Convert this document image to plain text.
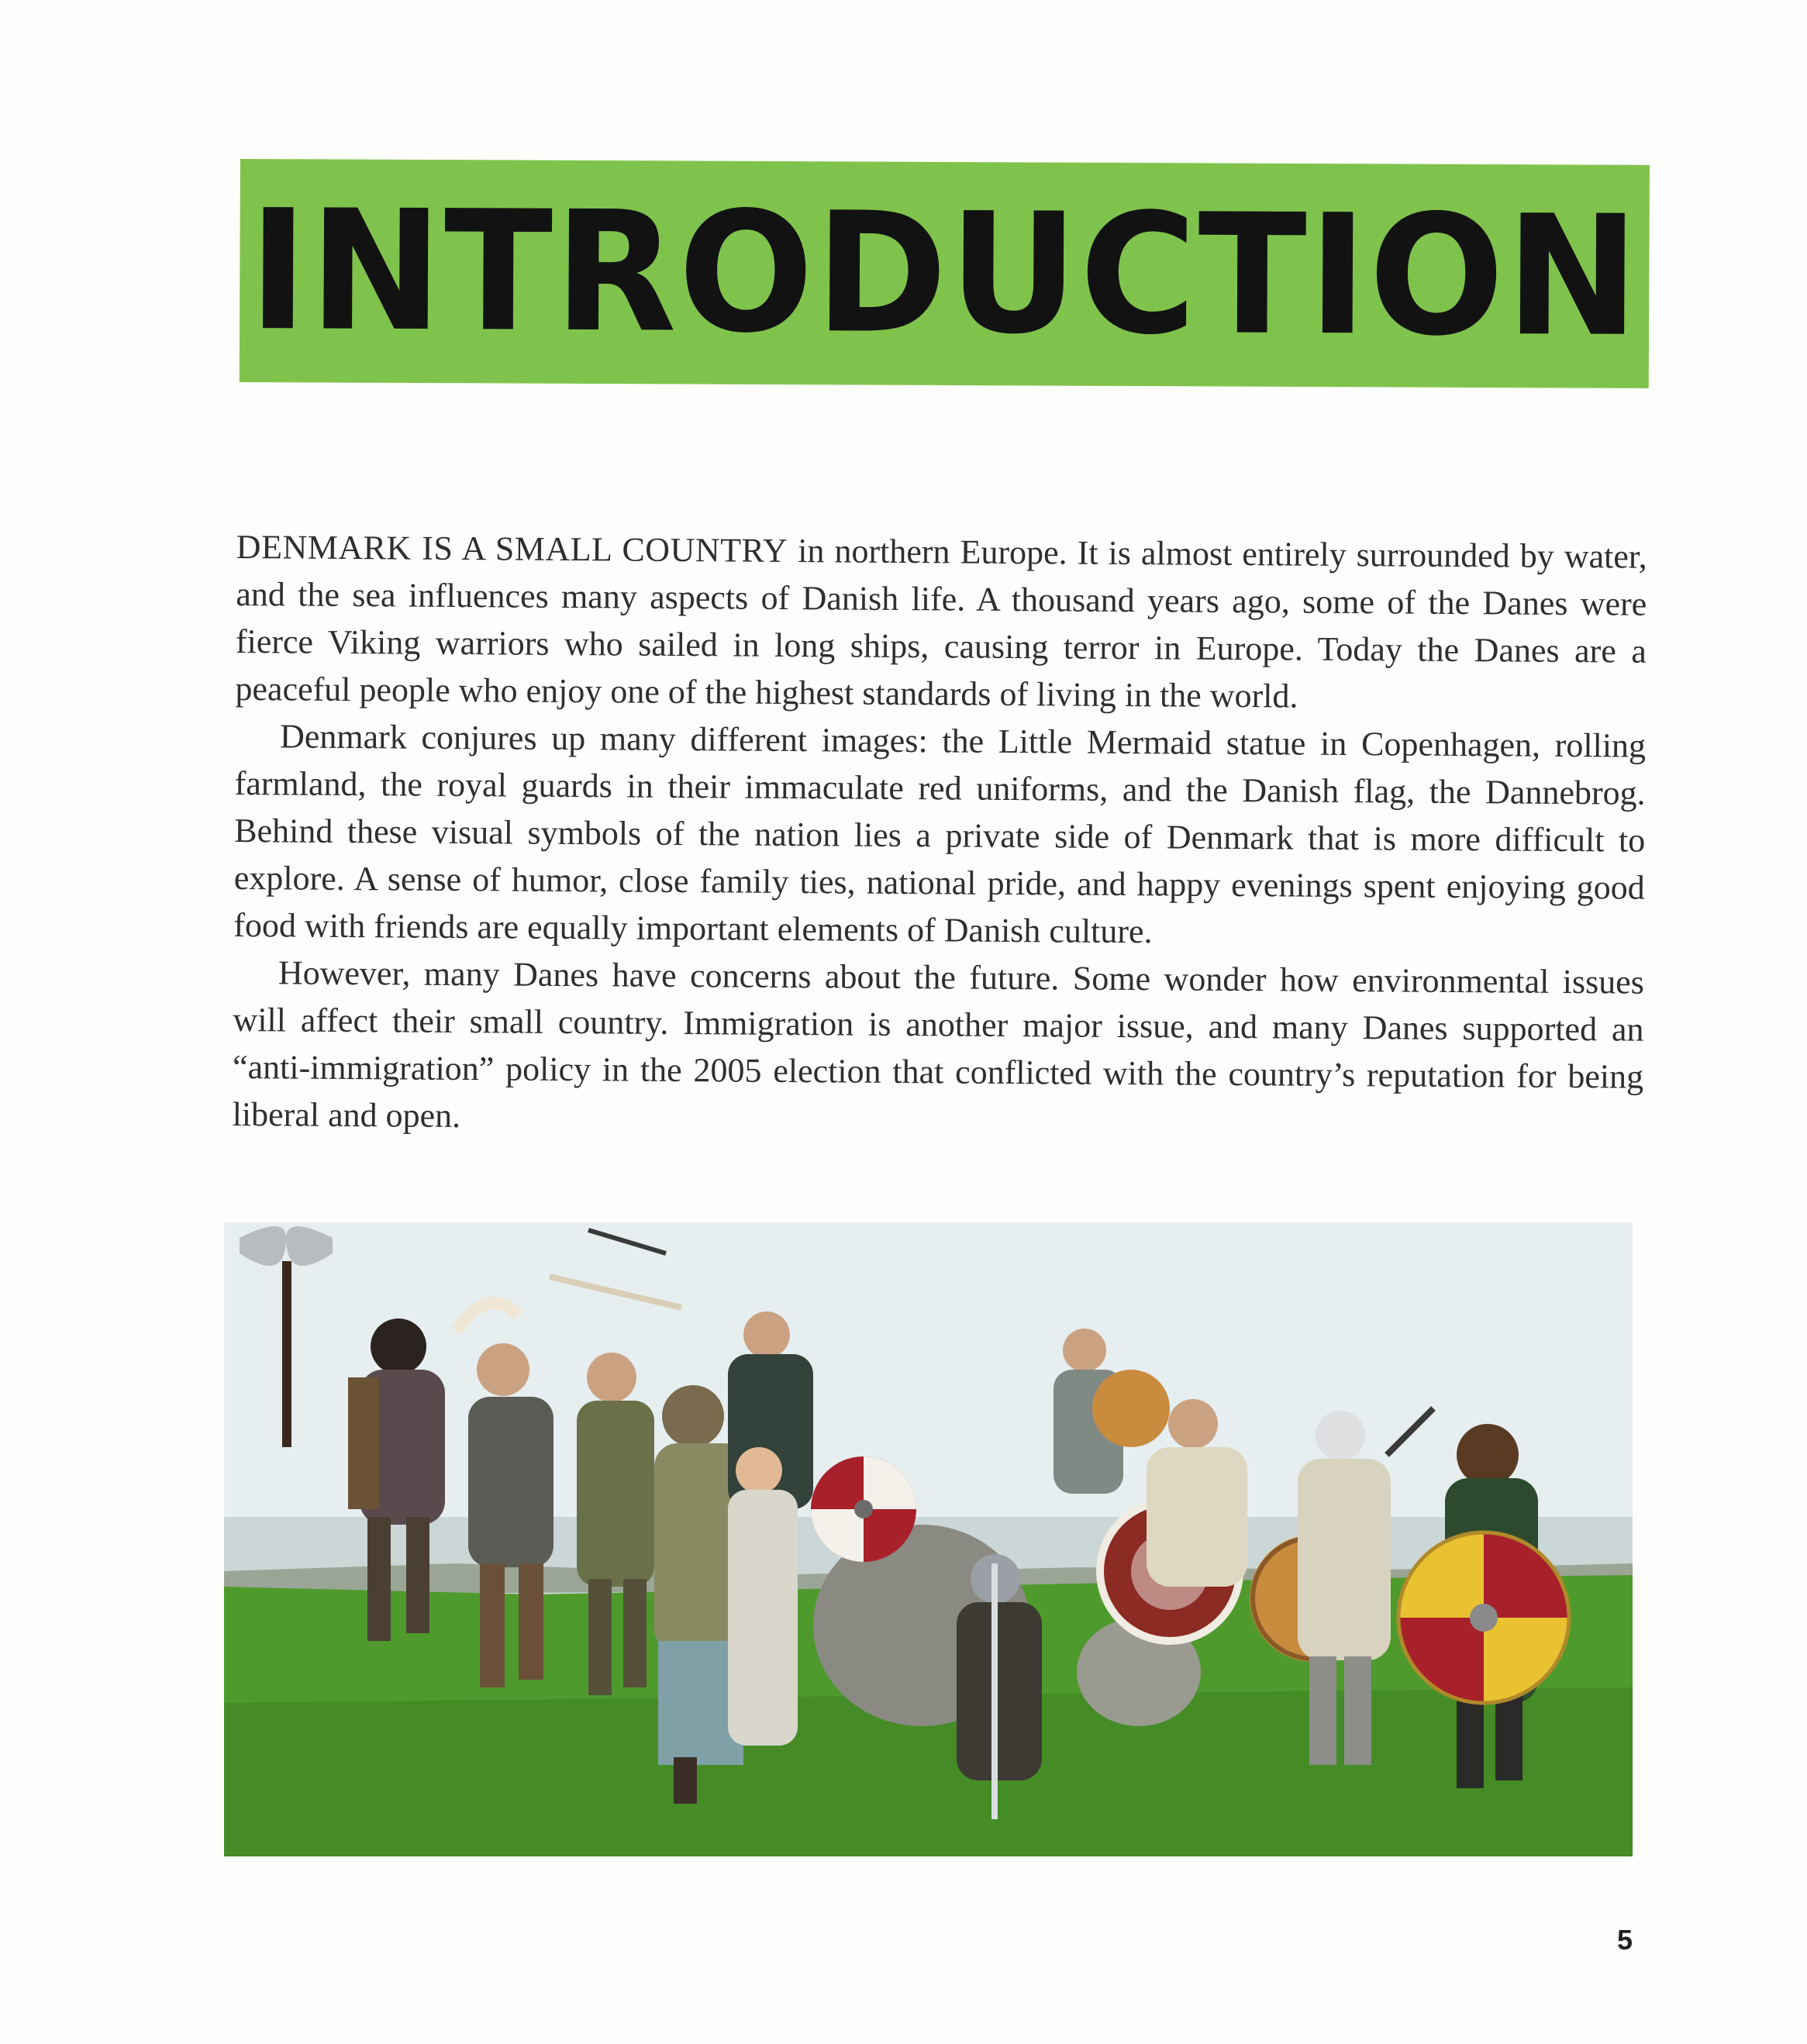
INTRODUCTION

DENMARK IS A SMALL COUNTRY in northern Europe. It is almost entirely surrounded by water, and the sea influences many aspects of Danish life. A thousand years ago, some of the Danes were fierce Viking warriors who sailed in long ships, causing terror in Europe. Today the Danes are a peaceful people who enjoy one of the highest standards of living in the world.

Denmark conjures up many different images: the Little Mermaid statue in Copenhagen, rolling farmland, the royal guards in their immaculate red uniforms, and the Danish flag, the Dannebrog. Behind these visual symbols of the nation lies a private side of Denmark that is more difficult to explore. A sense of humor, close family ties, national pride, and happy evenings spent enjoying good food with friends are equally important elements of Danish culture.

However, many Danes have concerns about the future. Some wonder how environmental issues will affect their small country. Immigration is another major issue, and many Danes supported an “anti-immigration” policy in the 2005 election that conflicted with the country’s reputation for being liberal and open.

5
